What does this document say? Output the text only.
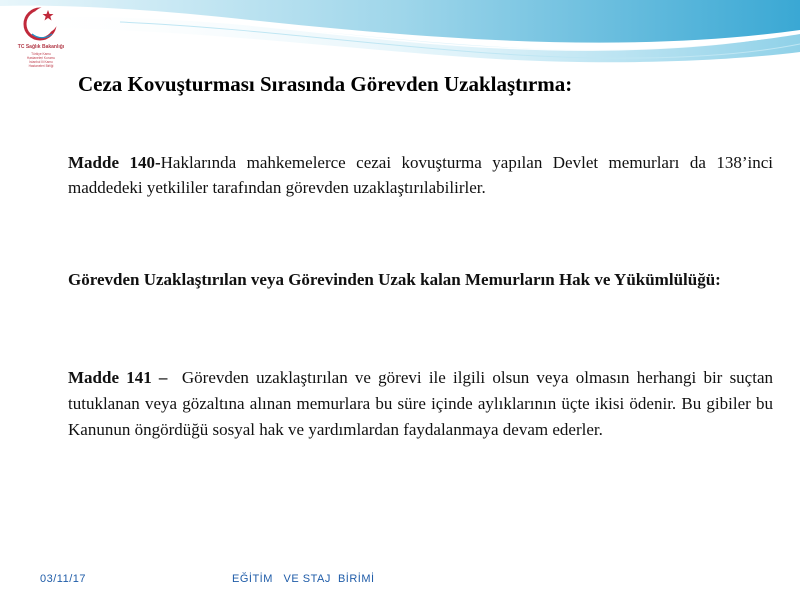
TC Sağlık Bakanlığı
Türkiye Kamu
Hastaneleri Kurumu
İstanbul İli Kamu
Hastaneleri Birliği
Ceza Kovuşturması Sırasında Görevden Uzaklaştırma:

Madde 140-Haklarında mahkemelerce cezai kovuşturma yapılan Devlet memurları da 138’inci maddedeki yetkililer tarafından görevden uzaklaştırılabilirler.

Görevden Uzaklaştırılan veya Görevinden Uzak kalan Memurların Hak ve Yükümlülüğü:

Madde 141 – Görevden uzaklaştırılan ve görevi ile ilgili olsun veya olmasın herhangi bir suçtan tutuklanan veya gözaltına alınan memurlara bu süre içinde aylıklarının üçte ikisi ödenir. Bu gibiler bu Kanunun öngördüğü sosyal hak ve yardımlardan faydalanmaya devam ederler.

03/11/17	EĞİTİM   VE STAJ  BİRİMİ
